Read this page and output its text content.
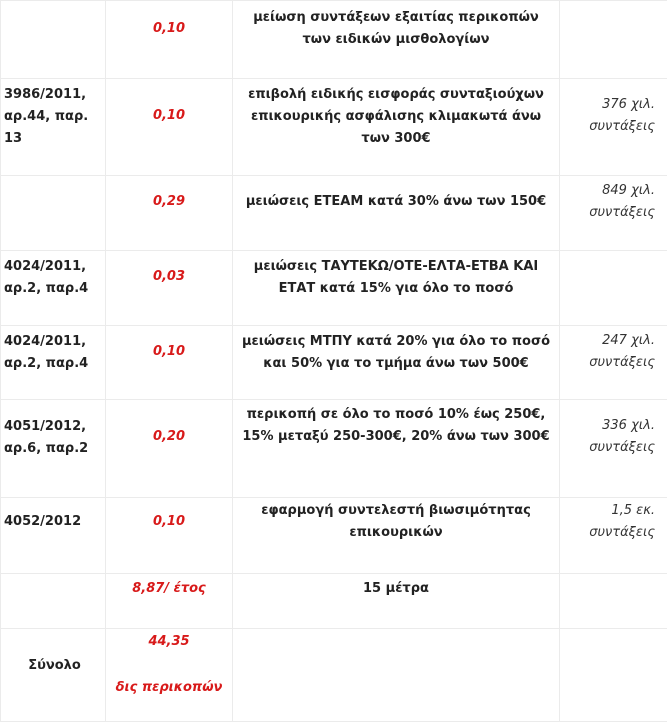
	0,10	μείωση συντάξεων εξαιτίας περικοπών των ειδικών μισθολογίων	
3986/2011, αρ.44, παρ. 13	0,10	επιβολή ειδικής εισφοράς συνταξιούχων επικουρικής ασφάλισης κλιμακωτά άνω των 300€	376 χιλ. συντάξεις
	0,29	μειώσεις ΕΤΕΑΜ κατά 30% άνω των 150€	849 χιλ. συντάξεις
4024/2011, αρ.2, παρ.4	0,03	μειώσεις ΤΑΥΤΕΚΩ/ΟΤΕ-ΕΛΤΑ-ΕΤΒΑ ΚΑΙ ΕΤΑΤ κατά 15% για όλο το ποσό	
4024/2011, αρ.2, παρ.4	0,10	μειώσεις ΜΤΠΥ κατά 20% για όλο το ποσό και 50% για το τμήμα άνω των 500€	247 χιλ. συντάξεις
4051/2012, αρ.6, παρ.2	0,20	περικοπή σε όλο το ποσό 10% έως 250€, 15% μεταξύ 250-300€, 20% άνω των 300€	336 χιλ. συντάξεις
4052/2012	0,10	εφαρμογή συντελεστή βιωσιμότητας επικουρικών	1,5 εκ. συντάξεις
	8,87/ έτος	15 μέτρα	
Σύνολο	44,35
δις περικοπών		
